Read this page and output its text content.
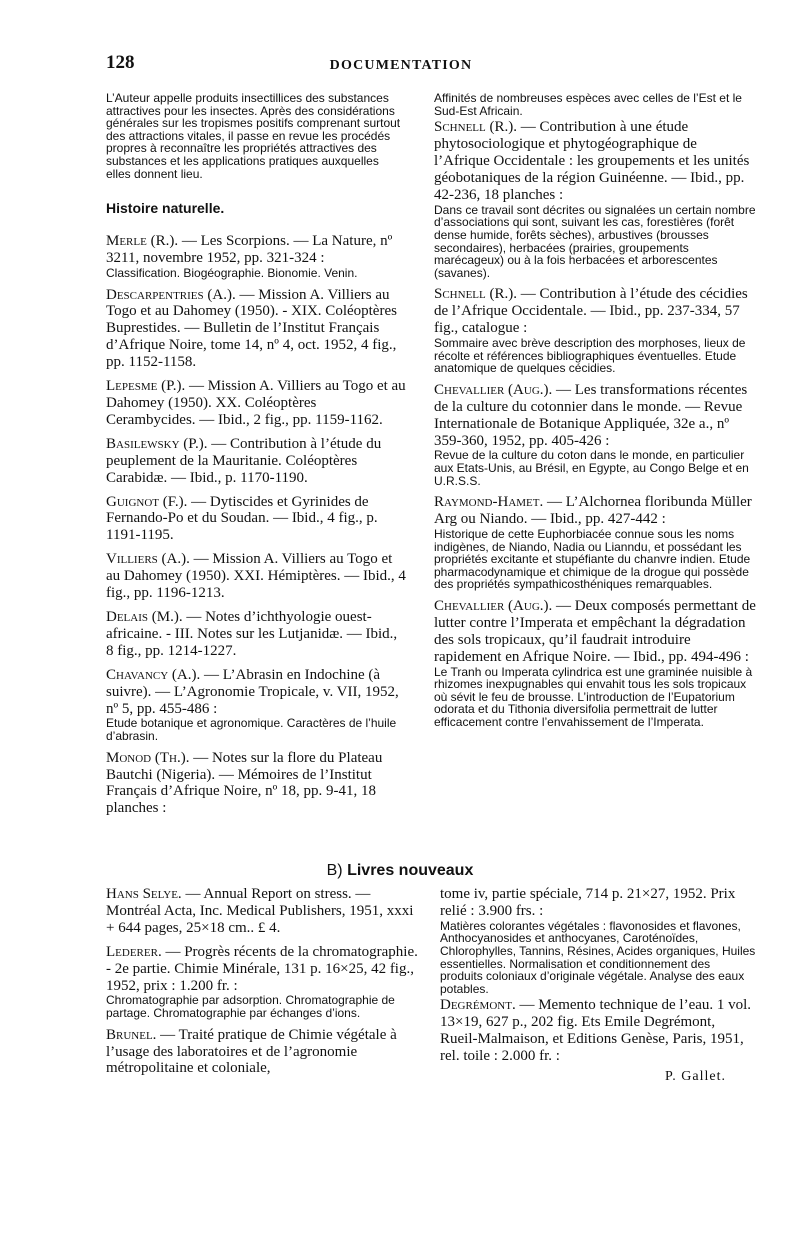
128	DOCUMENTATION

L’Auteur appelle produits insectillices des substances attractives pour les insectes. Après des considérations générales sur les tropismes positifs comprenant surtout des attractions vitales, il passe en revue les procédés propres à reconnaître les propriétés attractives des substances et les applications pratiques auxquelles elles donnent lieu.

Histoire naturelle.

Merle (R.). — Les Scorpions. — La Nature, nº 3211, novembre 1952, pp. 321-324 :

Classification. Biogéographie. Bionomie. Venin.

Descarpentries (A.). — Mission A. Villiers au Togo et au Dahomey (1950). - XIX. Coléoptères Buprestides. — Bulletin de l’Institut Français d’Afrique Noire, tome 14, nº 4, oct. 1952, 4 fig., pp. 1152-1158.

Lepesme (P.). — Mission A. Villiers au Togo et au Dahomey (1950). XX. Coléoptères Cerambycides. — Ibid., 2 fig., pp. 1159-1162.

Basilewsky (P.). — Contribution à l’étude du peuplement de la Mauritanie. Coléoptères Carabidæ. — Ibid., p. 1170-1190.

Guignot (F.). — Dytiscides et Gyrinides de Fernando-Po et du Soudan. — Ibid., 4 fig., p. 1191-1195.

Villiers (A.). — Mission A. Villiers au Togo et au Dahomey (1950). XXI. Hémiptères. — Ibid., 4 fig., pp. 1196-1213.

Delais (M.). — Notes d’ichthyologie ouest-africaine. - III. Notes sur les Lutjanidæ. — Ibid., 8 fig., pp. 1214-1227.

Chavancy (A.). — L’Abrasin en Indochine (à suivre). — L’Agronomie Tropicale, v. VII, 1952, nº 5, pp. 455-486 :

Etude botanique et agronomique. Caractères de l’huile d’abrasin.

Monod (Th.). — Notes sur la flore du Plateau Bautchi (Nigeria). — Mémoires de l’Institut Français d’Afrique Noire, nº 18, pp. 9-41, 18 planches :

Affinités de nombreuses espèces avec celles de l’Est et le Sud-Est Africain.

Schnell (R.). — Contribution à une étude phytosociologique et phytogéographique de l’Afrique Occidentale : les groupements et les unités géobotaniques de la région Guinéenne. — Ibid., pp. 42-236, 18 planches :

Dans ce travail sont décrites ou signalées un certain nombre d’associations qui sont, suivant les cas, forestières (forêt dense humide, forêts sèches), arbustives (brousses secondaires), herbacées (prairies, groupements marécageux) ou à la fois herbacées et arborescentes (savanes).

Schnell (R.). — Contribution à l’étude des cécidies de l’Afrique Occidentale. — Ibid., pp. 237-334, 57 fig., catalogue :

Sommaire avec brève description des morphoses, lieux de récolte et références bibliographiques éventuelles. Etude anatomique de quelques cécidies.

Chevallier (Aug.). — Les transformations récentes de la culture du cotonnier dans le monde. — Revue Internationale de Botanique Appliquée, 32e a., nº 359-360, 1952, pp. 405-426 :

Revue de la culture du coton dans le monde, en particulier aux Etats-Unis, au Brésil, en Egypte, au Congo Belge et en U.R.S.S.

Raymond-Hamet. — L’Alchornea floribunda Müller Arg ou Niando. — Ibid., pp. 427-442 :

Historique de cette Euphorbiacée connue sous les noms indigènes, de Niando, Nadia ou Lianndu, et possédant les propriétés excitante et stupéfiante du chanvre indien. Etude pharmacodynamique et chimique de la drogue qui possède des propriétés sympathicosthéniques remarquables.

Chevallier (Aug.). — Deux composés permettant de lutter contre l’Imperata et empêchant la dégradation des sols tropicaux, qu’il faudrait introduire rapidement en Afrique Noire. — Ibid., pp. 494-496 :

Le Tranh ou Imperata cylindrica est une graminée nuisible à rhizomes inexpugnables qui envahit tous les sols tropicaux où sévit le feu de brousse. L’introduction de l’Eupatorium odorata et du Tithonia diversifolia permettrait de lutter efficacement contre l’envahissement de l’Imperata.

B) Livres nouveaux

Hans Selye. — Annual Report on stress. — Montréal Acta, Inc. Medical Publishers, 1951, xxxi + 644 pages, 25×18 cm.. £ 4.

Lederer. — Progrès récents de la chromatographie. - 2e partie. Chimie Minérale, 131 p. 16×25, 42 fig., 1952, prix : 1.200 fr. :

Chromatographie par adsorption. Chromatographie de partage. Chromatographie par échanges d’ions.

Brunel. — Traité pratique de Chimie végétale à l’usage des laboratoires et de l’agronomie métropolitaine et coloniale,

tome iv, partie spéciale, 714 p. 21×27, 1952. Prix relié : 3.900 frs. :

Matières colorantes végétales : flavonosides et flavones, Anthocyanosides et anthocyanes, Caroténoïdes, Chlorophylles, Tannins, Résines, Acides organiques, Huiles essentielles. Normalisation et conditionnement des produits coloniaux d’originale végétale. Analyse des eaux potables.

Degrémont. — Memento technique de l’eau. 1 vol. 13×19, 627 p., 202 fig. Ets Emile Degrémont, Rueil-Malmaison, et Editions Genèse, Paris, 1951, rel. toile : 2.000 fr. :

P. Gallet.
